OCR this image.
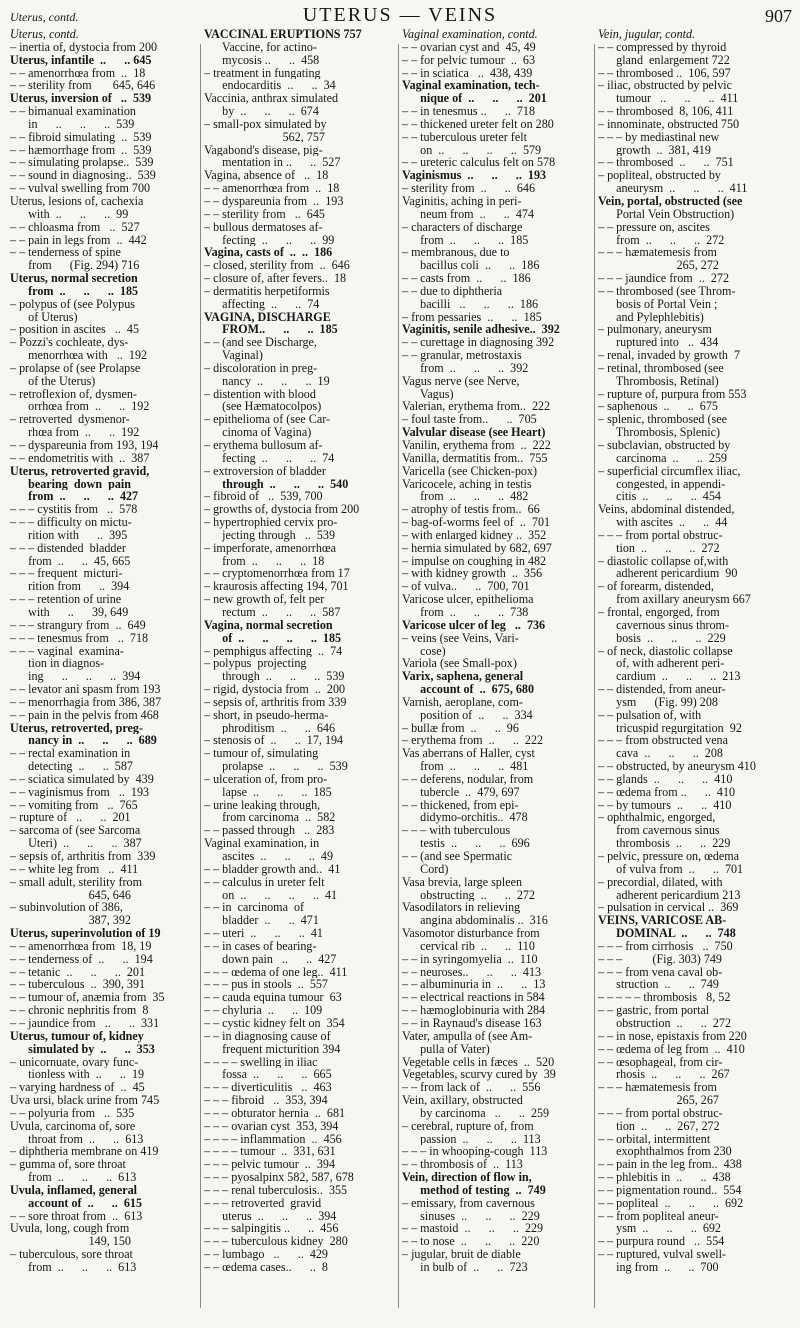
Uterus, contd.	UTERUS — VEINS	907
Uterus, contd.
– inertia of, dystocia from 200
Uterus, infantile  ..      .. 645
– – amenorrhœa from  ..  18
– – sterility from       645, 646
Uterus, inversion of   ..  539
– – bimanual examination
in      ..      ..      ..  539
– – fibroid simulating  ..  539
– – hæmorrhage from  ..  539
– – simulating prolapse..  539
– – sound in diagnosing..  539
– – vulval swelling from 700
Uterus, lesions of, cachexia
with  ..      ..      ..  99
– – chloasma from   ..  527
– – pain in legs from  ..  442
– – tenderness of spine
from      (Fig. 294) 716
Uterus, normal secretion
from  ..      ..      ..  185
– polypus of (see Polypus
of Uterus)
– position in ascites   ..  45
– Pozzi's cochleate, dys-
menorrhœa with   ..  192
– prolapse of (see Prolapse
of the Uterus)
– retroflexion of, dysmen-
orrhœa from  ..      ..  192
– retroverted  dysmenor-
rhœa from  ..      ..  192
– – dyspareunia from 193, 194
– – endometritis with  ..  387
Uterus, retroverted gravid,
bearing  down  pain
from  ..      ..      ..  427
– – – cystitis from   ..  578
– – – difficulty on mictu-
rition with      ..  395
– – – distended  bladder
from  ..      ..  45, 665
– – – frequent  micturi-
rition from      ..  394
– – – retention of urine
with      ..      39, 649
– – – strangury from  ..  649
– – – tenesmus from   ..  718
– – – vaginal  examina-
tion in diagnos-
ing      ..      ..      ..  394
– – levator ani spasm from 193
– – menorrhagia from 386, 387
– – pain in the pelvis from 468
Uterus, retroverted, preg-
nancy in  ..      ..      ..  689
– – rectal examination in
detecting  ..      ..  587
– – sciatica simulated by  439
– – vaginismus from   ..  193
– – vomiting from   ..  765
– rupture of   ..      ..  201
– sarcoma of (see Sarcoma
Uteri)  ..      ..      ..  387
– sepsis of, arthritis from  339
– – white leg from   ..  411
– small adult, sterility from
645, 646
– subinvolution of 386,
387, 392
Uterus, superinvolution of 19
– – amenorrhœa from  18, 19
– – tenderness of  ..      ..  194
– – tetanic  ..      ..      ..  201
– – tuberculous  ..  390, 391
– – tumour of, anæmia from  35
– – chronic nephritis from  8
– – jaundice from   ..      ..  331
Uterus, tumour of, kidney
simulated by  ..      ..  353
– unicornuate, ovary func-
tionless with  ..      ..  19
– varying hardness of  ..  45
Uva ursi, black urine from 745
– – polyuria from   ..  535
Uvula, carcinoma of, sore
throat from  ..      ..  613
– diphtheria membrane on 419
– gumma of, sore throat
from  ..      ..      ..  613
Uvula, inflamed, general
account of  ..      ..  615
– – sore throat from  ..  613
Uvula, long, cough from
149, 150
– tuberculous, sore throat
from  ..      ..      ..  613
VACCINAL ERUPTIONS 757
Vaccine, for actino-
mycosis ..      ..  458
– treatment in fungating
endocarditis  ..      ..  34
Vaccinia, anthrax simulated
by  ..      ..      ..  674
– small-pox simulated by
562, 757
Vagabond's disease, pig-
mentation in ..      ..  527
Vagina, absence of   ..  18
– – amenorrhœa from  ..  18
– – dyspareunia from  ..  193
– – sterility from   ..  645
– bullous dermatoses af-
fecting  ..      ..      ..  99
Vagina, casts of  ..  ..  186
– closed, sterility from  ..  646
– closure of, after fevers..  18
– dermatitis herpetiformis
affecting  ..      ..  74
VAGINA, DISCHARGE
FROM..      ..      ..  185
– – (and see Discharge,
Vaginal)
– discoloration in preg-
nancy  ..      ..      ..  19
– distention with blood
(see Hæmatocolpos)
– epithelioma of (see Car-
cinoma of Vagina)
– erythema bullosum af-
fecting  ..      ..      ..  74
– extroversion of bladder
through  ..      ..      ..  540
– fibroid of   ..  539, 700
– growths of, dystocia from 200
– hypertrophied cervix pro-
jecting through   ..  539
– imperforate, amenorrhœa
from  ..      ..      ..  18
– – cryptomenorrhœa from 17
– kraurosis affecting 194, 701
– new growth of, felt per
rectum  ..      ..      ..  587
Vagina, normal secretion
of  ..      ..      ..      ..  185
– pemphigus affecting  ..  74
– polypus  projecting
through  ..      ..      ..  539
– rigid, dystocia from  ..  200
– sepsis of, arthritis from 339
– short, in pseudo-herma-
phroditism  ..      ..  646
– stenosis of  ..      ..  17, 194
– tumour of, simulating
prolapse  ..      ..      ..  539
– ulceration of, from pro-
lapse  ..      ..      ..  185
– urine leaking through,
from carcinoma  ..  582
– – passed through   ..  283
Vaginal examination, in
ascites  ..      ..      ..  49
– – bladder growth and..  41
– – calculus in ureter felt
on  ..      ..      ..      ..  41
– – in  carcinoma  of
bladder  ..      ..  471
– – uteri  ..      ..      ..  41
– – in cases of bearing-
down pain   ..      ..  427
– – – œdema of one leg..  411
– – – pus in stools  ..  557
– – cauda equina tumour  63
– – chyluria  ..      ..  109
– – cystic kidney felt on  354
– – in diagnosing cause of
frequent micturition 394
– – – – swelling in iliac
fossa  ..      ..      ..  665
– – – diverticulitis   ..  463
– – – fibroid   ..  353, 394
– – – obturator hernia  ..  681
– – – ovarian cyst  353, 394
– – – – inflammation  ..  456
– – – – tumour  ..  331, 631
– – – pelvic tumour  ..  394
– – – pyosalpinx 582, 587, 678
– – – renal tuberculosis..  355
– – – retroverted  gravid
uterus  ..      ..      ..  394
– – – salpingitis ..      ..  456
– – – tuberculous kidney  280
– – lumbago   ..      ..  429
– – œdema cases..      ..  8
Vaginal examination, contd.
– – ovarian cyst and  45, 49
– – for pelvic tumour  ..  63
– – in sciatica   ..  438, 439
Vaginal examination, tech-
nique of  ..      ..      ..  201
– – in tenesmus ..      ..  718
– – thickened ureter felt on 280
– – tuberculous ureter felt
on  ..      ..      ..      ..  579
– – ureteric calculus felt on 578
Vaginismus  ..      ..      ..  193
– sterility from  ..      ..  646
Vaginitis, aching in peri-
neum from  ..      ..  474
– characters of discharge
from  ..      ..      ..  185
– membranous, due to
bacillus coli  ..      ..  186
– – casts from  ..      ..  186
– – due to diphtheria
bacilli   ..      ..      ..  186
– from pessaries  ..      ..  185
Vaginitis, senile adhesive..  392
– – curettage in diagnosing 392
– – granular, metrostaxis
from  ..      ..      ..  392
Vagus nerve (see Nerve,
Vagus)
Valerian, erythema from..  222
– foul taste from..      ..  705
Valvular disease (see Heart)
Vanilin, erythema from  ..  222
Vanilla, dermatitis from..  755
Varicella (see Chicken-pox)
Varicocele, aching in testis
from  ..      ..      ..  482
– atrophy of testis from..  66
– bag-of-worms feel of  ..  701
– with enlarged kidney ..  352
– hernia simulated by 682, 697
– impulse on coughing in 482
– with kidney growth  ..  356
– of vulva..      ..  700, 701
Varicose ulcer, epithelioma
from  ..      ..      ..  738
Varicose ulcer of leg   ..  736
– veins (see Veins, Vari-
cose)
Variola (see Small-pox)
Varix, saphena, general
account of  ..  675, 680
Varnish, aeroplane, com-
position of  ..      ..  334
– bullæ from  ..      ..  96
– erythema from  ..      ..  222
Vas aberrans of Haller, cyst
from  ..      ..      ..  481
– – deferens, nodular, from
tubercle  ..  479, 697
– – thickened, from epi-
didymo-orchitis..  478
– – – with tuberculous
testis  ..      ..      ..  696
– – (and see Spermatic
Cord)
Vasa brevia, large spleen
obstructing  ..      ..  272
Vasodilators in relieving
angina abdominalis ..  316
Vasomotor disturbance from
cervical rib  ..      ..  110
– – in syringomyelia  ..  110
– – neuroses..      ..      ..  413
– – albuminuria in  ..      ..  13
– – electrical reactions in 584
– – hæmoglobinuria with 284
– – in Raynaud's disease 163
Vater, ampulla of (see Am-
pulla of Vater)
Vegetable cells in fæces  ..  520
Vegetables, scurvy cured by  39
– – from lack of  ..      ..  556
Vein, axillary, obstructed
by carcinoma   ..      ..  259
– cerebral, rupture of, from
passion  ..      ..      ..  113
– – – in whooping-cough  113
– – thrombosis of  ..  113
Vein, direction of flow in,
method of testing  ..  749
– emissary, from cavernous
sinuses  ..      ..      ..  229
– – mastoid  ..      ..      ..  229
– – to nose  ..      ..      ..  220
– jugular, bruit de diable
in bulb of  ..      ..  723
Vein, jugular, contd.
– – compressed by thyroid
gland  enlargement 722
– – thrombosed ..  106, 597
– iliac, obstructed by pelvic
tumour   ..      ..      ..  411
– – thrombosed  8, 106, 411
– innominate, obstructed 750
– – – by mediastinal new
growth  ..  381, 419
– – thrombosed  ..      ..  751
– popliteal, obstructed by
aneurysm  ..      ..      ..  411
Vein, portal, obstructed (see
Portal Vein Obstruction)
– – pressure on, ascites
from  ..      ..      ..  272
– – – hæmatemesis from
265, 272
– – – jaundice from  ..  272
– – thrombosed (see Throm-
bosis of Portal Vein ;
and Pylephlebitis)
– pulmonary, aneurysm
ruptured into   ..  434
– renal, invaded by growth  7
– retinal, thrombosed (see
Thrombosis, Retinal)
– rupture of, purpura from 553
– saphenous  ..      ..  675
– splenic, thrombosed (see
Thrombosis, Splenic)
– subclavian, obstructed by
carcinoma  ..      ..  259
– superficial circumflex iliac,
congested, in appendi-
citis  ..      ..      ..  454
Veins, abdominal distended,
with ascites  ..      ..  44
– – – from portal obstruc-
tion  ..      ..      ..  272
– diastolic collapse of,with
adherent pericardium  90
– of forearm, distended,
from axillary aneurysm 667
– frontal, engorged, from
cavernous sinus throm-
bosis  ..      ..      ..  229
– of neck, diastolic collapse
of, with adherent peri-
cardium  ..      ..      ..  213
– – distended, from aneur-
ysm      (Fig. 99) 208
– – pulsation of, with
tricuspid regurgitation  92
– – – from obstructed vena
cava  ..      ..      ..  208
– – obstructed, by aneurysm 410
– – glands  ..      ..      ..  410
– – œdema from ..      ..  410
– – by tumours  ..      ..  410
– ophthalmic, engorged,
from cavernous sinus
thrombosis  ..      ..  229
– pelvic, pressure on, œdema
of vulva from  ..      ..  701
– precordial, dilated, with
adherent pericardium 213
– pulsation in cervical ..  369
VEINS, VARICOSE AB-
DOMINAL  ..      ..  748
– – – from cirrhosis   ..  750
– – –          (Fig. 303) 749
– – – from vena caval ob-
struction  ..      ..  749
– – – – – thrombosis   8, 52
– – gastric, from portal
obstruction  ..      ..  272
– – in nose, epistaxis from 220
– – œdema of leg from  ..  410
– – œsophageal, from cir-
rhosis  ..      ..      ..  267
– – – hæmatemesis from
265, 267
– – – from portal obstruc-
tion  ..      ..  267, 272
– – orbital, intermittent
exophthalmos from 230
– – pain in the leg from..  438
– – phlebitis in  ..      ..  438
– – pigmentation round..  554
– – popliteal  ..      ..      ..  692
– – from popliteal aneur-
ysm  ..      ..      ..  692
– – purpura round   ..  554
– – ruptured, vulval swell-
ing from  ..      ..  700
